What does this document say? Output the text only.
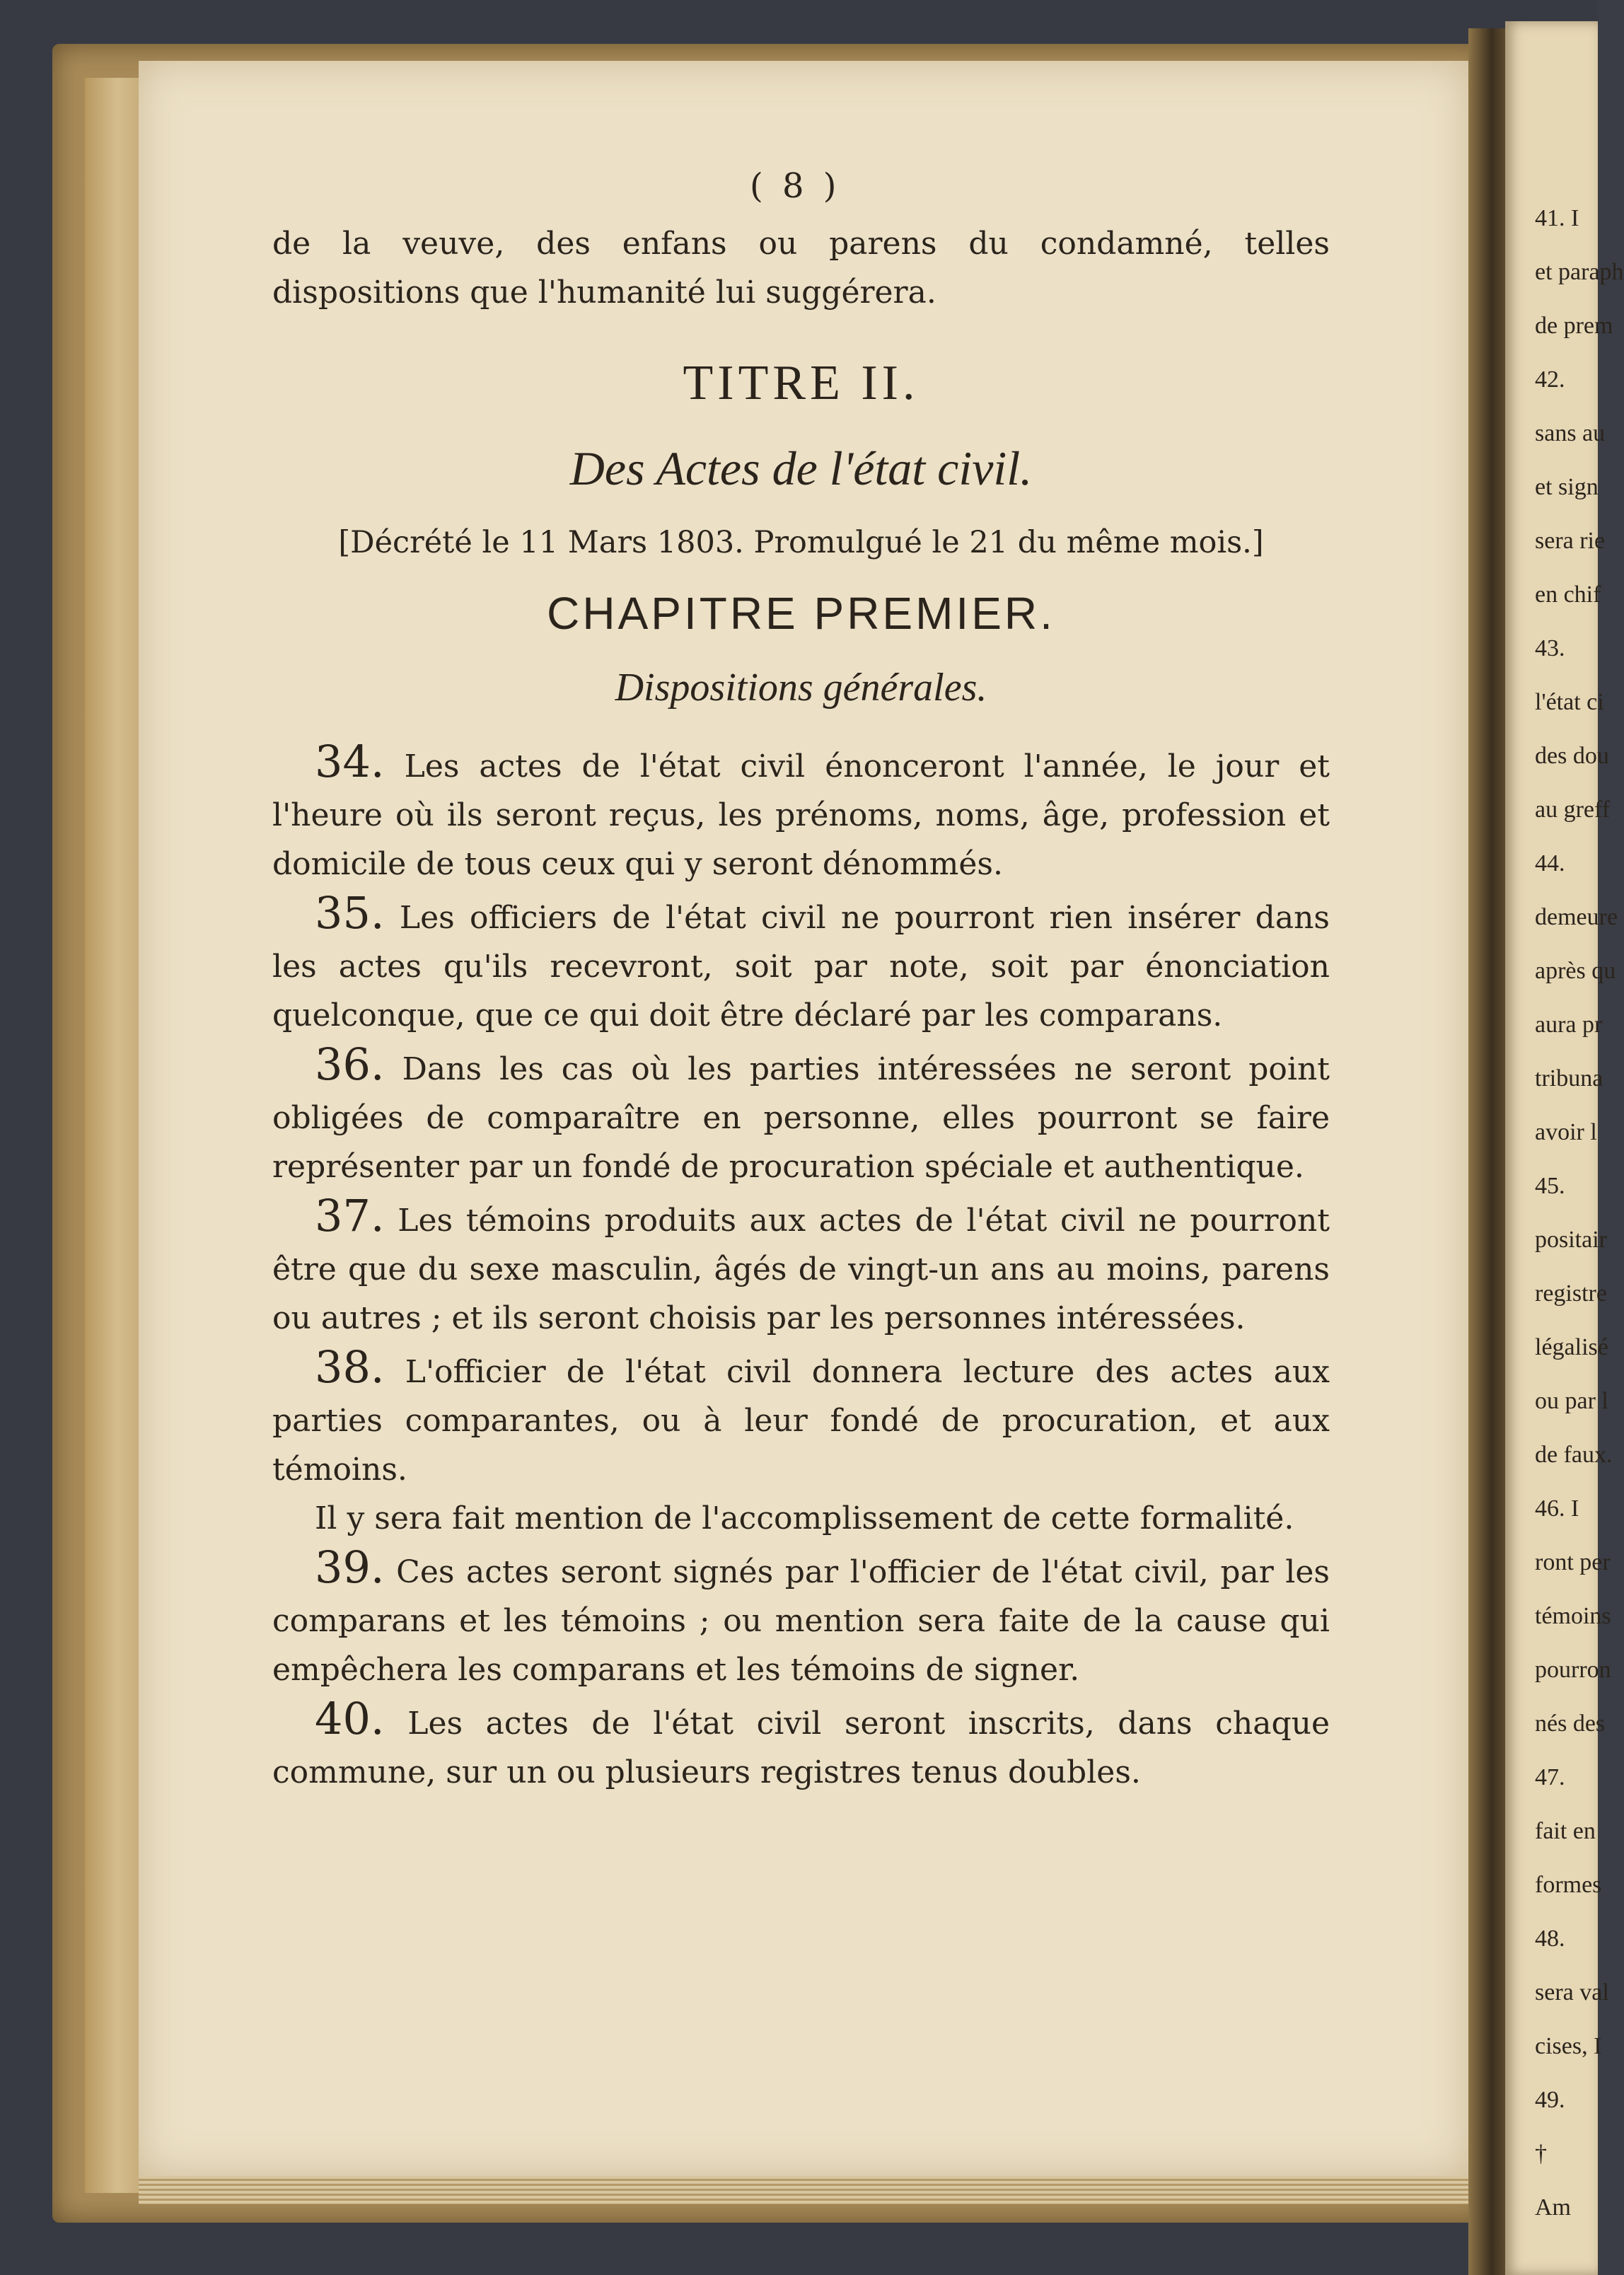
( 8 )

de la veuve, des enfans ou parens du condamné, telles dispositions que l'humanité lui suggérera.

TITRE II.

Des Actes de l'état civil.

[Décrété le 11 Mars 1803. Promulgué le 21 du même mois.]

CHAPITRE PREMIER.

Dispositions générales.

34. Les actes de l'état civil énonceront l'année, le jour et l'heure où ils seront reçus, les prénoms, noms, âge, profession et domicile de tous ceux qui y seront dénommés.

35. Les officiers de l'état civil ne pourront rien insérer dans les actes qu'ils recevront, soit par note, soit par énonciation quelconque, que ce qui doit être déclaré par les comparans.

36. Dans les cas où les parties intéressées ne seront point obligées de comparaître en personne, elles pourront se faire représenter par un fondé de procuration spéciale et authentique.

37. Les témoins produits aux actes de l'état civil ne pourront être que du sexe masculin, âgés de vingt-un ans au moins, parens ou autres ; et ils seront choisis par les personnes intéressées.

38. L'officier de l'état civil donnera lecture des actes aux parties comparantes, ou à leur fondé de procuration, et aux témoins.

Il y sera fait mention de l'accomplissement de cette formalité.

39. Ces actes seront signés par l'officier de l'état civil, par les comparans et les témoins ; ou mention sera faite de la cause qui empêchera les comparans et les témoins de signer.

40. Les actes de l'état civil seront inscrits, dans chaque commune, sur un ou plusieurs registres tenus doubles.

41. I
et paraph
de prem
42.
sans au
et sign
sera rie
en chif
43.
l'état ci
des dou
au greff
44.
demeure
après qu
aura pr
tribuna
avoir l
45.
positair
registre
légalisé
ou par l
de faux.
46. I
ront per
témoins
pourron
nés des
47.
fait en
formes
48.
sera val
cises, I
49.
†
Am
